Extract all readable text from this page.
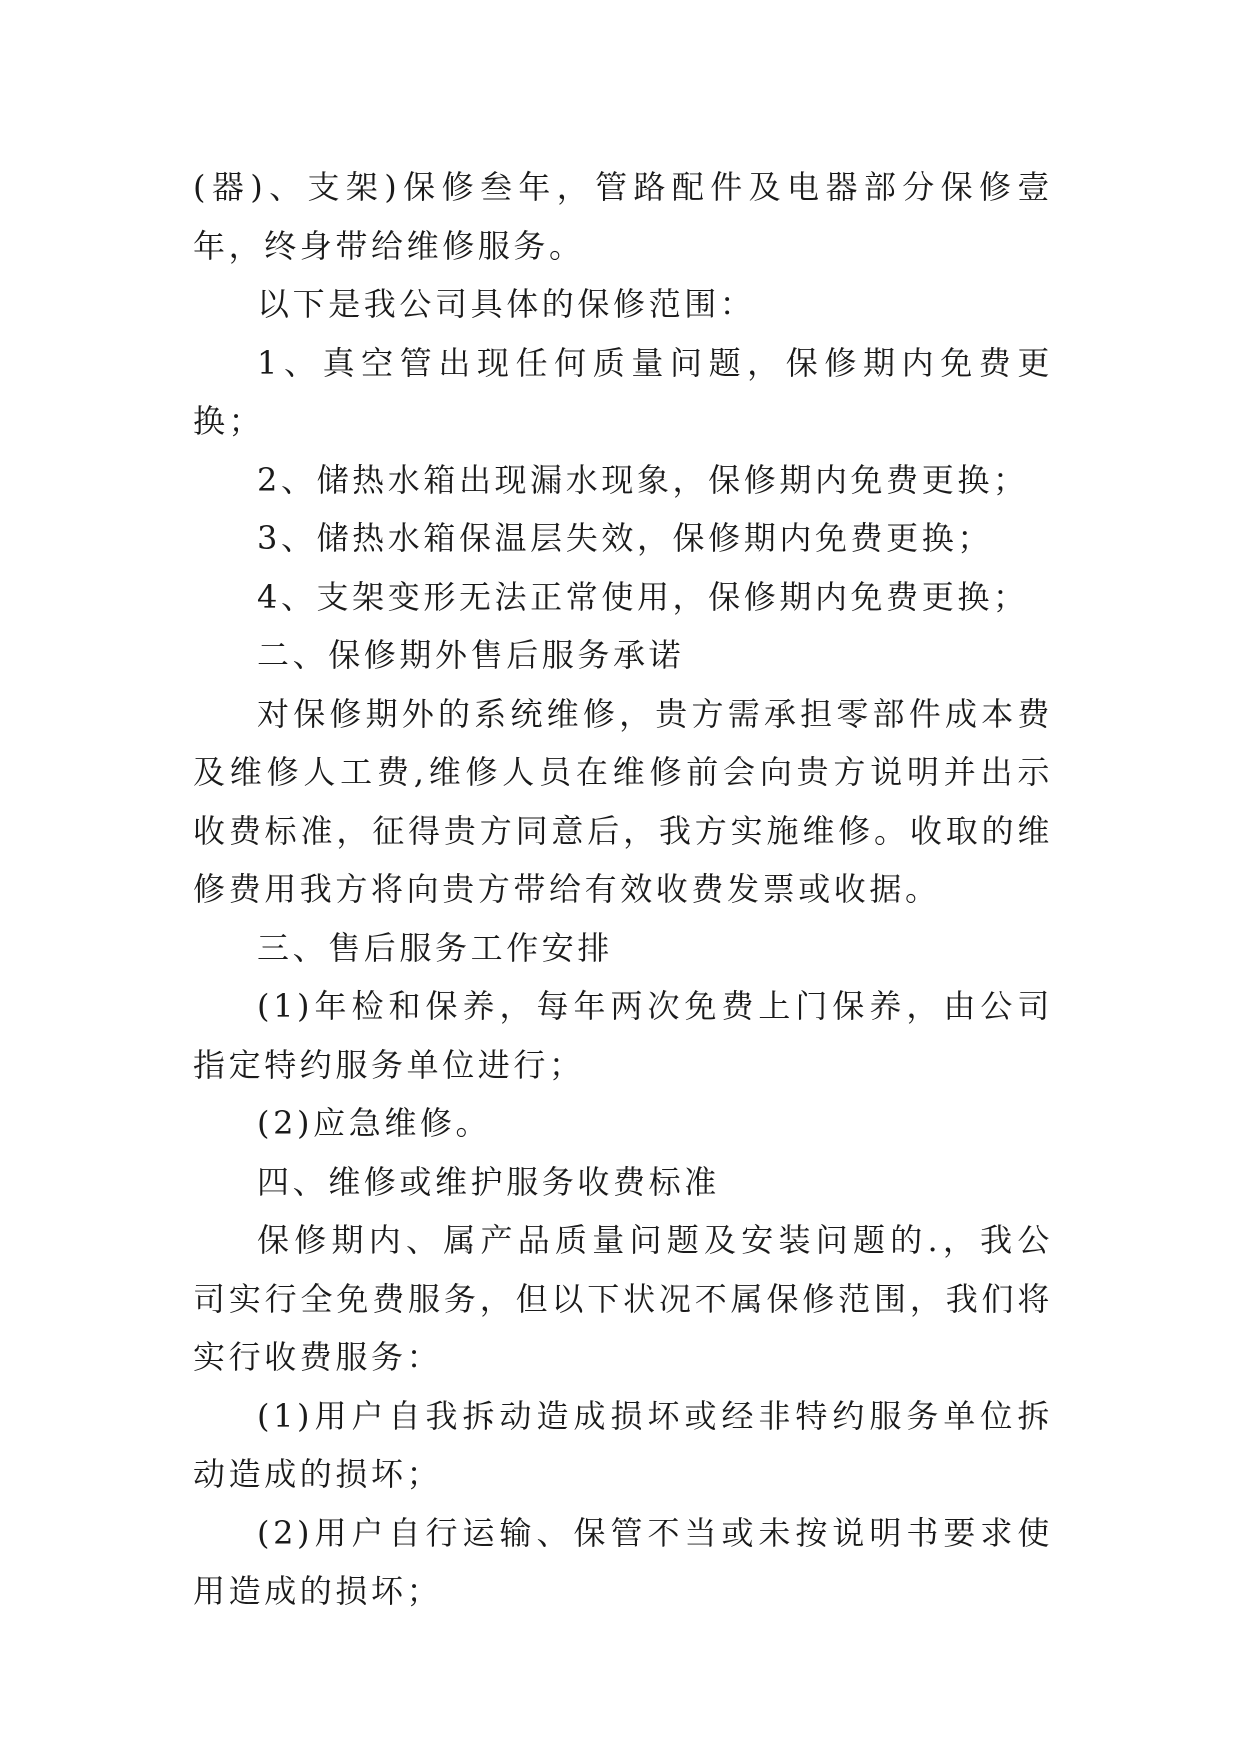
(器)、支架)保修叁年，管路配件及电器部分保修壹年，终身带给维修服务。

以下是我公司具体的保修范围：

1、真空管出现任何质量问题，保修期内免费更换；

2、储热水箱出现漏水现象，保修期内免费更换；

3、储热水箱保温层失效，保修期内免费更换；

4、支架变形无法正常使用，保修期内免费更换；

二、保修期外售后服务承诺

对保修期外的系统维修，贵方需承担零部件成本费及维修人工费,维修人员在维修前会向贵方说明并出示收费标准，征得贵方同意后，我方实施维修。收取的维修费用我方将向贵方带给有效收费发票或收据。

三、售后服务工作安排

(1)年检和保养，每年两次免费上门保养，由公司指定特约服务单位进行；

(2)应急维修。

四、维修或维护服务收费标准

保修期内、属产品质量问题及安装问题的.，我公司实行全免费服务，但以下状况不属保修范围，我们将实行收费服务：

(1)用户自我拆动造成损坏或经非特约服务单位拆动造成的损坏；

(2)用户自行运输、保管不当或未按说明书要求使用造成的损坏；
